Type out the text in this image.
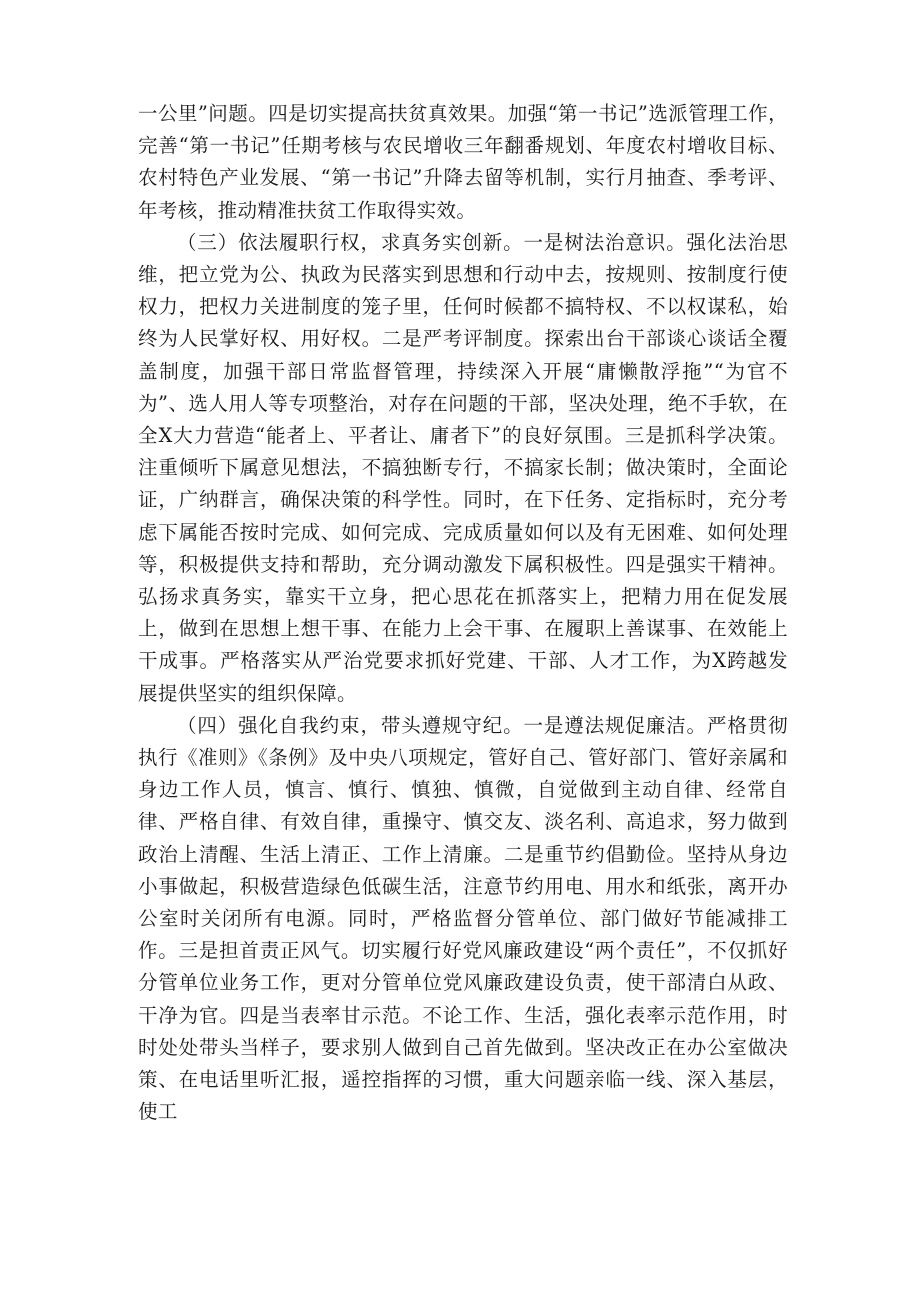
一公里”问题。四是切实提高扶贫真效果。加强“第一书记”选派管理工作，完善“第一书记”任期考核与农民增收三年翻番规划、年度农村增收目标、农村特色产业发展、“第一书记”升降去留等机制，实行月抽查、季考评、年考核，推动精准扶贫工作取得实效。

（三）依法履职行权，求真务实创新。一是树法治意识。强化法治思维，把立党为公、执政为民落实到思想和行动中去，按规则、按制度行使权力，把权力关进制度的笼子里，任何时候都不搞特权、不以权谋私，始终为人民掌好权、用好权。二是严考评制度。探索出台干部谈心谈话全覆盖制度，加强干部日常监督管理，持续深入开展“庸懒散浮拖”“为官不为”、选人用人等专项整治，对存在问题的干部，坚决处理，绝不手软，在全X大力营造“能者上、平者让、庸者下”的良好氛围。三是抓科学决策。注重倾听下属意见想法，不搞独断专行，不搞家长制；做决策时，全面论证，广纳群言，确保决策的科学性。同时，在下任务、定指标时，充分考虑下属能否按时完成、如何完成、完成质量如何以及有无困难、如何处理等，积极提供支持和帮助，充分调动激发下属积极性。四是强实干精神。弘扬求真务实，靠实干立身，把心思花在抓落实上，把精力用在促发展上，做到在思想上想干事、在能力上会干事、在履职上善谋事、在效能上干成事。严格落实从严治党要求抓好党建、干部、人才工作，为X跨越发展提供坚实的组织保障。

（四）强化自我约束，带头遵规守纪。一是遵法规促廉洁。严格贯彻执行《准则》《条例》及中央八项规定，管好自己、管好部门、管好亲属和身边工作人员，慎言、慎行、慎独、慎微，自觉做到主动自律、经常自律、严格自律、有效自律，重操守、慎交友、淡名利、高追求，努力做到政治上清醒、生活上清正、工作上清廉。二是重节约倡勤俭。坚持从身边小事做起，积极营造绿色低碳生活，注意节约用电、用水和纸张，离开办公室时关闭所有电源。同时，严格监督分管单位、部门做好节能减排工作。三是担首责正风气。切实履行好党风廉政建设“两个责任”，不仅抓好分管单位业务工作，更对分管单位党风廉政建设负责，使干部清白从政、干净为官。四是当表率甘示范。不论工作、生活，强化表率示范作用，时时处处带头当样子，要求别人做到自己首先做到。坚决改正在办公室做决策、在电话里听汇报，遥控指挥的习惯，重大问题亲临一线、深入基层，使工
